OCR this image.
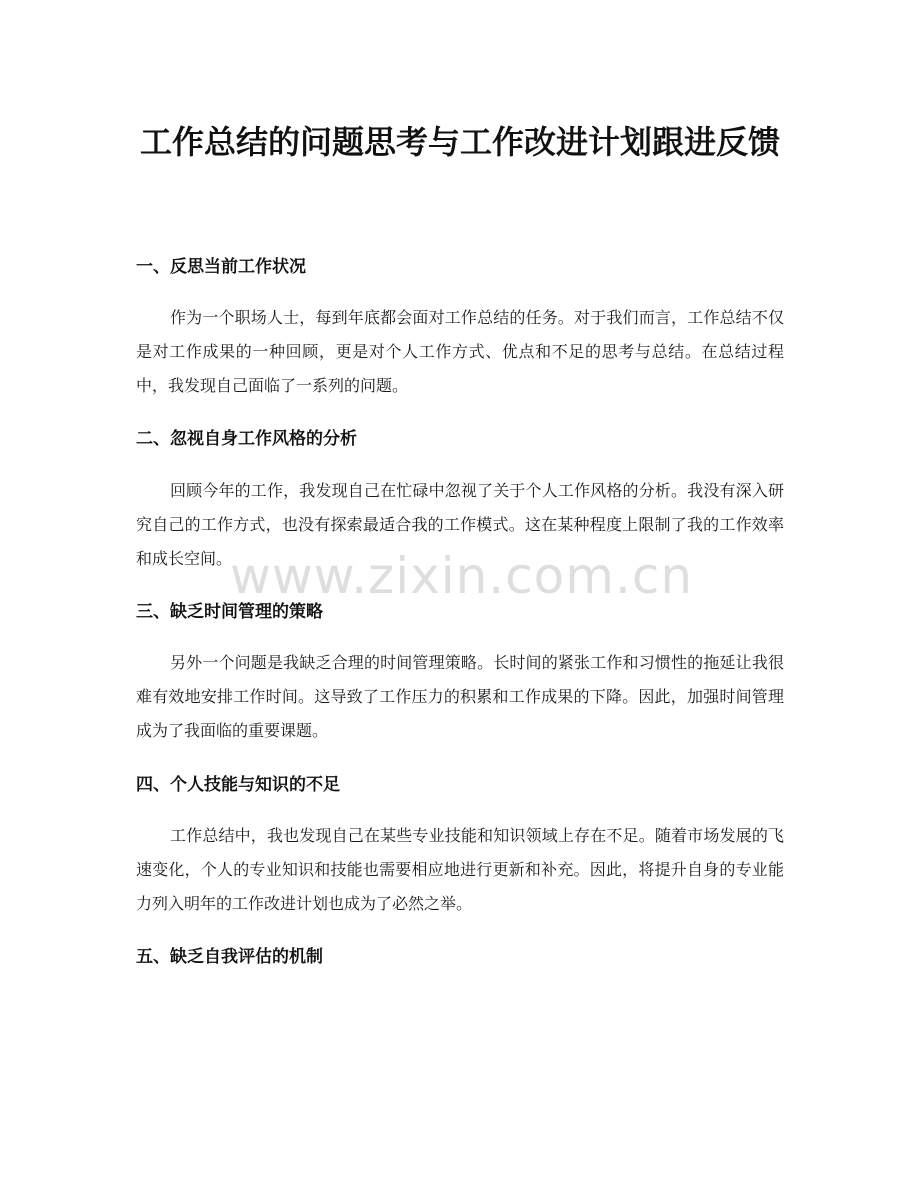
工作总结的问题思考与工作改进计划跟进反馈
一、反思当前工作状况

作为一个职场人士，每到年底都会面对工作总结的任务。对于我们而言，工作总结不仅是对工作成果的一种回顾，更是对个人工作方式、优点和不足的思考与总结。在总结过程中，我发现自己面临了一系列的问题。

二、忽视自身工作风格的分析

回顾今年的工作，我发现自己在忙碌中忽视了关于个人工作风格的分析。我没有深入研究自己的工作方式，也没有探索最适合我的工作模式。这在某种程度上限制了我的工作效率和成长空间。

三、缺乏时间管理的策略

另外一个问题是我缺乏合理的时间管理策略。长时间的紧张工作和习惯性的拖延让我很难有效地安排工作时间。这导致了工作压力的积累和工作成果的下降。因此，加强时间管理成为了我面临的重要课题。

四、个人技能与知识的不足

工作总结中，我也发现自己在某些专业技能和知识领域上存在不足。随着市场发展的飞速变化，个人的专业知识和技能也需要相应地进行更新和补充。因此，将提升自身的专业能力列入明年的工作改进计划也成为了必然之举。

五、缺乏自我评估的机制
www.zixin.com.cn
